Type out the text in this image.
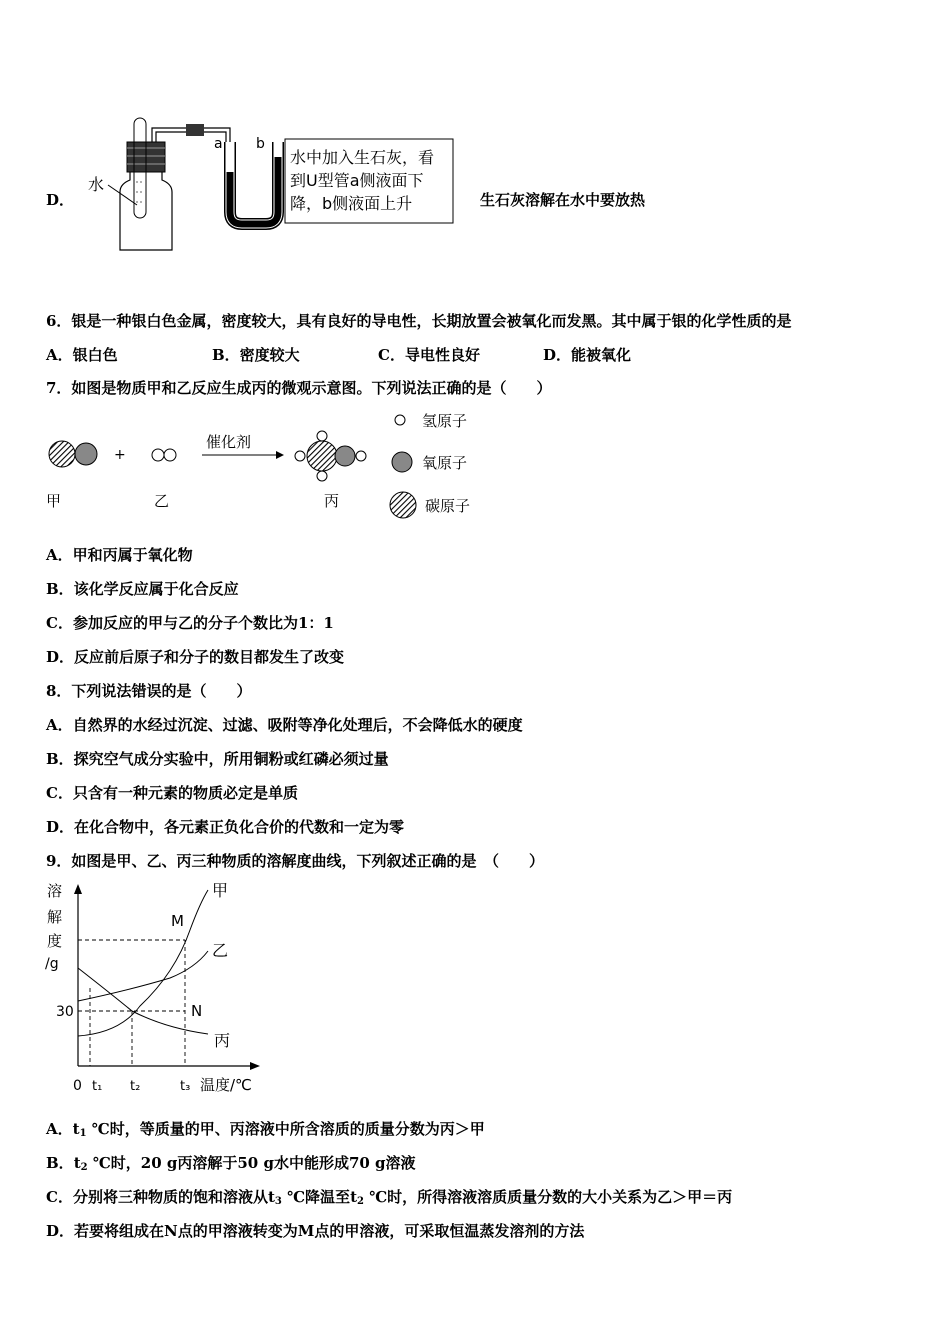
D．
水
a b
水中加入生石灰，看
到U型管a侧液面下
降，b侧液面上升	生石灰溶解在水中要放热
6．银是一种银白色金属，密度较大，具有良好的导电性，长期放置会被氧化而发黑。其中属于银的化学性质的是
A．银白色	B．密度较大	C．导电性良好	D．能被氧化
7．如图是物质甲和乙反应生成丙的微观示意图。下列说法正确的是（　　）
+
催化剂
甲	乙	丙
氢原子
氧原子
碳原子
A．甲和丙属于氧化物
B．该化学反应属于化合反应
C．参加反应的甲与乙的分子个数比为1：1
D．反应前后原子和分子的数目都发生了改变
8．下列说法错误的是（　　）
A．自然界的水经过沉淀、过滤、吸附等净化处理后，不会降低水的硬度
B．探究空气成分实验中，所用铜粉或红磷必须过量
C．只含有一种元素的物质必定是单质
D．在化合物中，各元素正负化合价的代数和一定为零
9．如图是甲、乙、丙三种物质的溶解度曲线，下列叙述正确的是　（　　）
溶
解
度
/g
甲
乙
丙
M
N
30
0 t₁ t₂	t₃ 温度/℃
A．$t_1$ ℃时，等质量的甲、丙溶液中所含溶质的质量分数为丙＞甲
B．$t_2$ ℃时，20 g丙溶解于50 g水中能形成70 g溶液
C．分别将三种物质的饱和溶液从$t_3$ ℃降温至$t_2$ ℃时，所得溶液溶质质量分数的大小关系为乙＞甲＝丙
D．若要将组成在N点的甲溶液转变为M点的甲溶液，可采取恒温蒸发溶剂的方法
